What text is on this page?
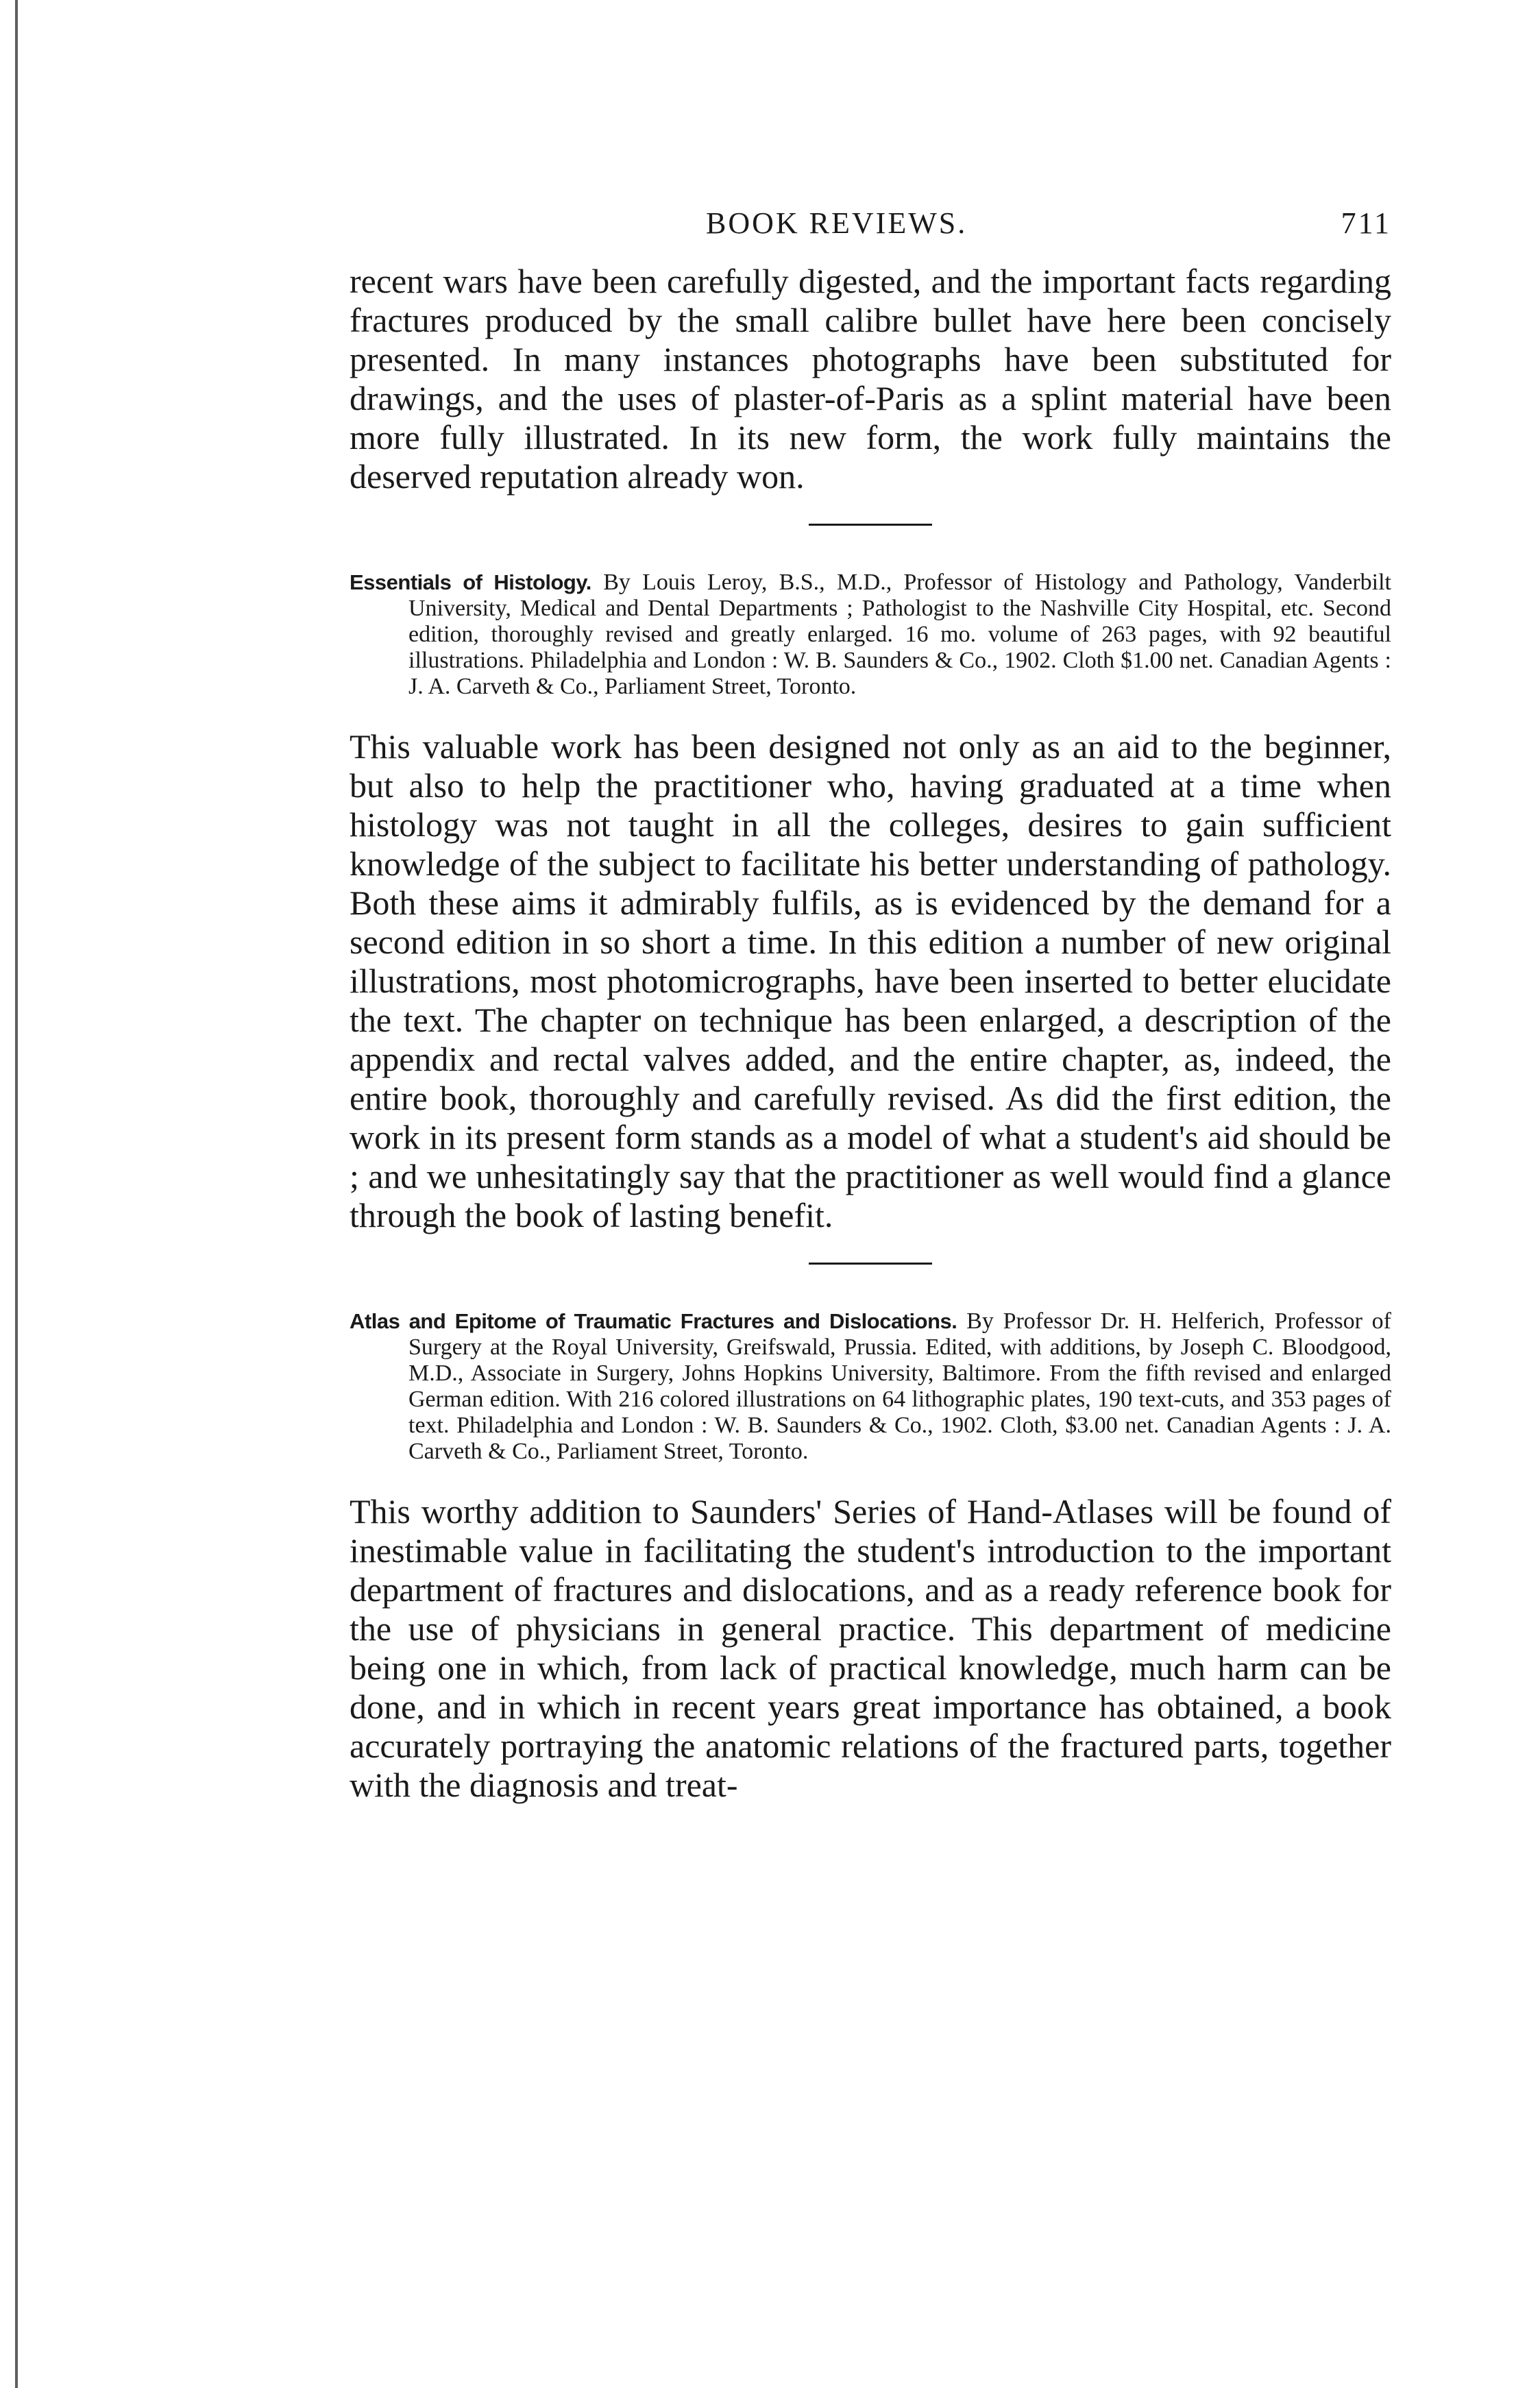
BOOK REVIEWS.	711

recent wars have been carefully digested, and the important facts regarding fractures produced by the small calibre bullet have here been concisely presented. In many instances photographs have been substituted for drawings, and the uses of plaster-of-Paris as a splint material have been more fully illustrated. In its new form, the work fully maintains the deserved reputation already won.

Essentials of Histology. By Louis Leroy, B.S., M.D., Professor of Histology and Pathology, Vanderbilt University, Medical and Dental Departments ; Pathologist to the Nashville City Hospital, etc. Second edition, thoroughly revised and greatly enlarged. 16 mo. volume of 263 pages, with 92 beautiful illustrations. Philadelphia and London : W. B. Saunders & Co., 1902. Cloth $1.00 net. Canadian Agents : J. A. Carveth & Co., Parliament Street, Toronto.

This valuable work has been designed not only as an aid to the beginner, but also to help the practitioner who, having graduated at a time when histology was not taught in all the colleges, desires to gain sufficient knowledge of the subject to facilitate his better understanding of pathology. Both these aims it admirably fulfils, as is evidenced by the demand for a second edition in so short a time. In this edition a number of new original illustrations, most photomicrographs, have been inserted to better elucidate the text. The chapter on technique has been enlarged, a description of the appendix and rectal valves added, and the entire chapter, as, indeed, the entire book, thoroughly and carefully revised. As did the first edition, the work in its present form stands as a model of what a student's aid should be ; and we unhesitatingly say that the practitioner as well would find a glance through the book of lasting benefit.

Atlas and Epitome of Traumatic Fractures and Dislocations. By Professor Dr. H. Helferich, Professor of Surgery at the Royal University, Greifswald, Prussia. Edited, with additions, by Joseph C. Bloodgood, M.D., Associate in Surgery, Johns Hopkins University, Baltimore. From the fifth revised and enlarged German edition. With 216 colored illustrations on 64 lithographic plates, 190 text-cuts, and 353 pages of text. Philadelphia and London : W. B. Saunders & Co., 1902. Cloth, $3.00 net. Canadian Agents : J. A. Carveth & Co., Parliament Street, Toronto.

This worthy addition to Saunders' Series of Hand-Atlases will be found of inestimable value in facilitating the student's introduction to the important department of fractures and dislocations, and as a ready reference book for the use of physicians in general practice. This department of medicine being one in which, from lack of practical knowledge, much harm can be done, and in which in recent years great importance has obtained, a book accurately portraying the anatomic relations of the fractured parts, together with the diagnosis and treat-
